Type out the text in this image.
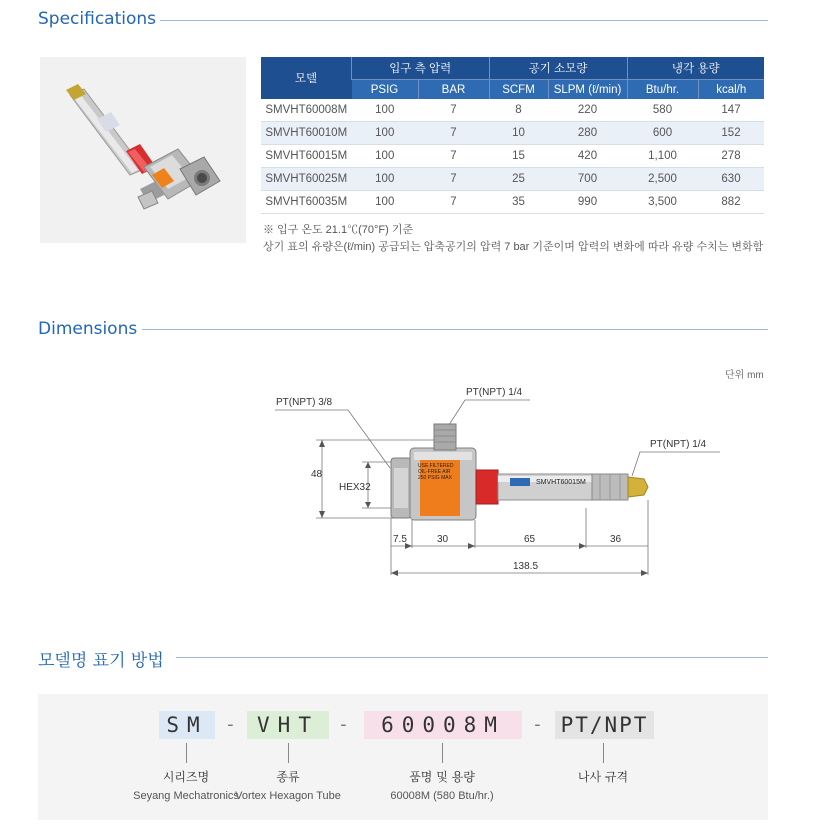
Specifications
모델	입구 측 압력		공기 소모량		냉각 용량	
	PSIG	BAR	SCFM	SLPM (ℓ/min)	Btu/hr.	kcal/h
SMVHT60008M	100	7	8	220	580	147
SMVHT60010M	100	7	10	280	600	152
SMVHT60015M	100	7	15	420	1,100	278
SMVHT60025M	100	7	25	700	2,500	630
SMVHT60035M	100	7	35	990	3,500	882
※ 입구 온도 21.1℃(70°F) 기준
상기 표의 유량은(ℓ/min) 공급되는 압축공기의 압력 7 bar 기준이며 압력의 변화에 따라 유량 수치는 변화함
Dimensions
단위 mm
PT(NPT) 3/8
PT(NPT) 1/4
PT(NPT) 1/4
48
HEX32
7.5	30	65	36
138.5
SMVHT60015M
USE FILTERED
OIL-FREE AIR
250 PSIG MAX
모델명 표기 방법
SM -	VHT	-	60008M	- PT/NPT
시리즈명
Seyang Mechatronics
종류
Vortex Hexagon Tube
품명 및 용량
60008M (580 Btu/hr.)
나사 규격
